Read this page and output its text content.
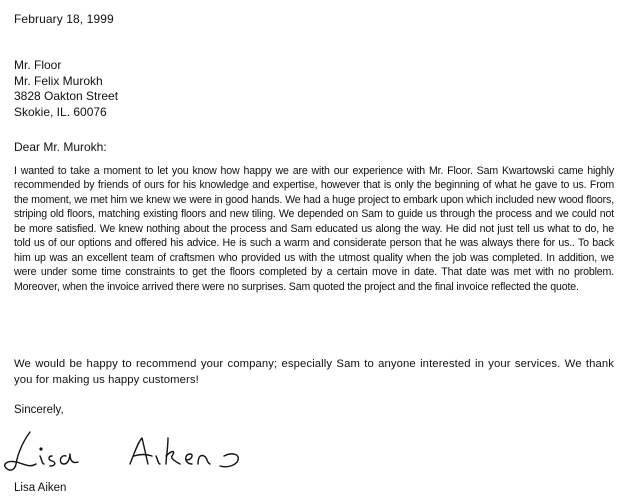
February 18, 1999
Mr. Floor
Mr. Felix Murokh
3828 Oakton Street
Skokie, IL. 60076
Dear Mr. Murokh:
I wanted to take a moment to let you know how happy we are with our experience with Mr. Floor. Sam Kwartowski came highly recommended by friends of ours for his knowledge and expertise, however that is only the beginning of what he gave to us. From the moment, we met him we knew we were in good hands. We had a huge project to embark upon which included new wood floors, striping old floors, matching existing floors and new tiling. We depended on Sam to guide us through the process and we could not be more satisfied. We knew nothing about the process and Sam educated us along the way. He did not just tell us what to do, he told us of our options and offered his advice. He is such a warm and considerate person that he was always there for us.. To back him up was an excellent team of craftsmen who provided us with the utmost quality when the job was completed. In addition, we were under some time constraints to get the floors completed by a certain move in date. That date was met with no problem. Moreover, when the invoice arrived there were no surprises. Sam quoted the project and the final invoice reflected the quote.
We would be happy to recommend your company; especially Sam to anyone interested in your services. We thank you for making us happy customers!
Sincerely,
Lisa Aiken
